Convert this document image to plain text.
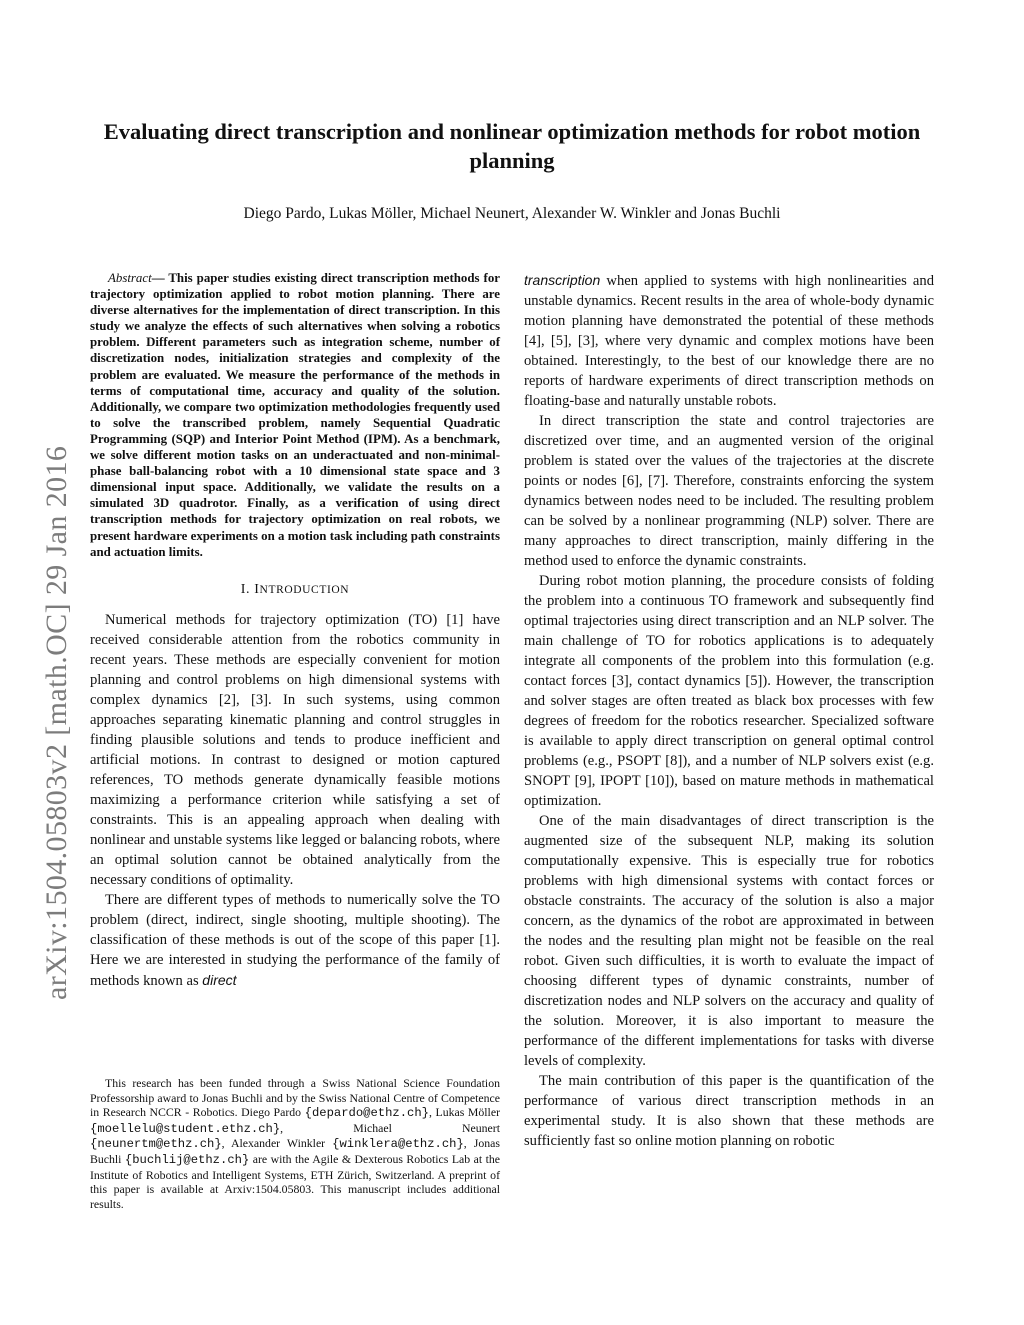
arXiv:1504.05803v2 [math.OC] 29 Jan 2016
Evaluating direct transcription and nonlinear optimization methods for robot motion planning
Diego Pardo, Lukas Möller, Michael Neunert, Alexander W. Winkler and Jonas Buchli

Abstract— This paper studies existing direct transcription methods for trajectory optimization applied to robot motion planning. There are diverse alternatives for the implementation of direct transcription. In this study we analyze the effects of such alternatives when solving a robotics problem. Different parameters such as integration scheme, number of discretization nodes, initialization strategies and complexity of the problem are evaluated. We measure the performance of the methods in terms of computational time, accuracy and quality of the solution. Additionally, we compare two optimization methodologies frequently used to solve the transcribed problem, namely Sequential Quadratic Programming (SQP) and Interior Point Method (IPM). As a benchmark, we solve different motion tasks on an underactuated and non-minimal-phase ball-balancing robot with a 10 dimensional state space and 3 dimensional input space. Additionally, we validate the results on a simulated 3D quadrotor. Finally, as a verification of using direct transcription methods for trajectory optimization on real robots, we present hardware experiments on a motion task including path constraints and actuation limits.

I. INTRODUCTION

Numerical methods for trajectory optimization (TO) [1] have received considerable attention from the robotics community in recent years. These methods are especially convenient for motion planning and control problems on high dimensional systems with complex dynamics [2], [3]. In such systems, using common approaches separating kinematic planning and control struggles in finding plausible solutions and tends to produce inefficient and artificial motions. In contrast to designed or motion captured references, TO methods generate dynamically feasible motions maximizing a performance criterion while satisfying a set of constraints. This is an appealing approach when dealing with nonlinear and unstable systems like legged or balancing robots, where an optimal solution cannot be obtained analytically from the necessary conditions of optimality.

There are different types of methods to numerically solve the TO problem (direct, indirect, single shooting, multiple shooting). The classification of these methods is out of the scope of this paper [1]. Here we are interested in studying the performance of the family of methods known as direct

This research has been funded through a Swiss National Science Foundation Professorship award to Jonas Buchli and by the Swiss National Centre of Competence in Research NCCR - Robotics. Diego Pardo {depardo@ethz.ch}, Lukas Möller {moellelu@student.ethz.ch}, Michael Neunert {neunertm@ethz.ch}, Alexander Winkler {winklera@ethz.ch}, Jonas Buchli {buchlij@ethz.ch} are with the Agile & Dexterous Robotics Lab at the Institute of Robotics and Intelligent Systems, ETH Zürich, Switzerland. A preprint of this paper is available at Arxiv:1504.05803. This manuscript includes additional results.

transcription when applied to systems with high nonlinearities and unstable dynamics. Recent results in the area of whole-body dynamic motion planning have demonstrated the potential of these methods [4], [5], [3], where very dynamic and complex motions have been obtained. Interestingly, to the best of our knowledge there are no reports of hardware experiments of direct transcription methods on floating-base and naturally unstable robots.

In direct transcription the state and control trajectories are discretized over time, and an augmented version of the original problem is stated over the values of the trajectories at the discrete points or nodes [6], [7]. Therefore, constraints enforcing the system dynamics between nodes need to be included. The resulting problem can be solved by a nonlinear programming (NLP) solver. There are many approaches to direct transcription, mainly differing in the method used to enforce the dynamic constraints.

During robot motion planning, the procedure consists of folding the problem into a continuous TO framework and subsequently find optimal trajectories using direct transcription and an NLP solver. The main challenge of TO for robotics applications is to adequately integrate all components of the problem into this formulation (e.g. contact forces [3], contact dynamics [5]). However, the transcription and solver stages are often treated as black box processes with few degrees of freedom for the robotics researcher. Specialized software is available to apply direct transcription on general optimal control problems (e.g., PSOPT [8]), and a number of NLP solvers exist (e.g. SNOPT [9], IPOPT [10]), based on mature methods in mathematical optimization.

One of the main disadvantages of direct transcription is the augmented size of the subsequent NLP, making its solution computationally expensive. This is especially true for robotics problems with high dimensional systems with contact forces or obstacle constraints. The accuracy of the solution is also a major concern, as the dynamics of the robot are approximated in between the nodes and the resulting plan might not be feasible on the real robot. Given such difficulties, it is worth to evaluate the impact of choosing different types of dynamic constraints, number of discretization nodes and NLP solvers on the accuracy and quality of the solution. Moreover, it is also important to measure the performance of the different implementations for tasks with diverse levels of complexity.

The main contribution of this paper is the quantification of the performance of various direct transcription methods in an experimental study. It is also shown that these methods are sufficiently fast so online motion planning on robotic
